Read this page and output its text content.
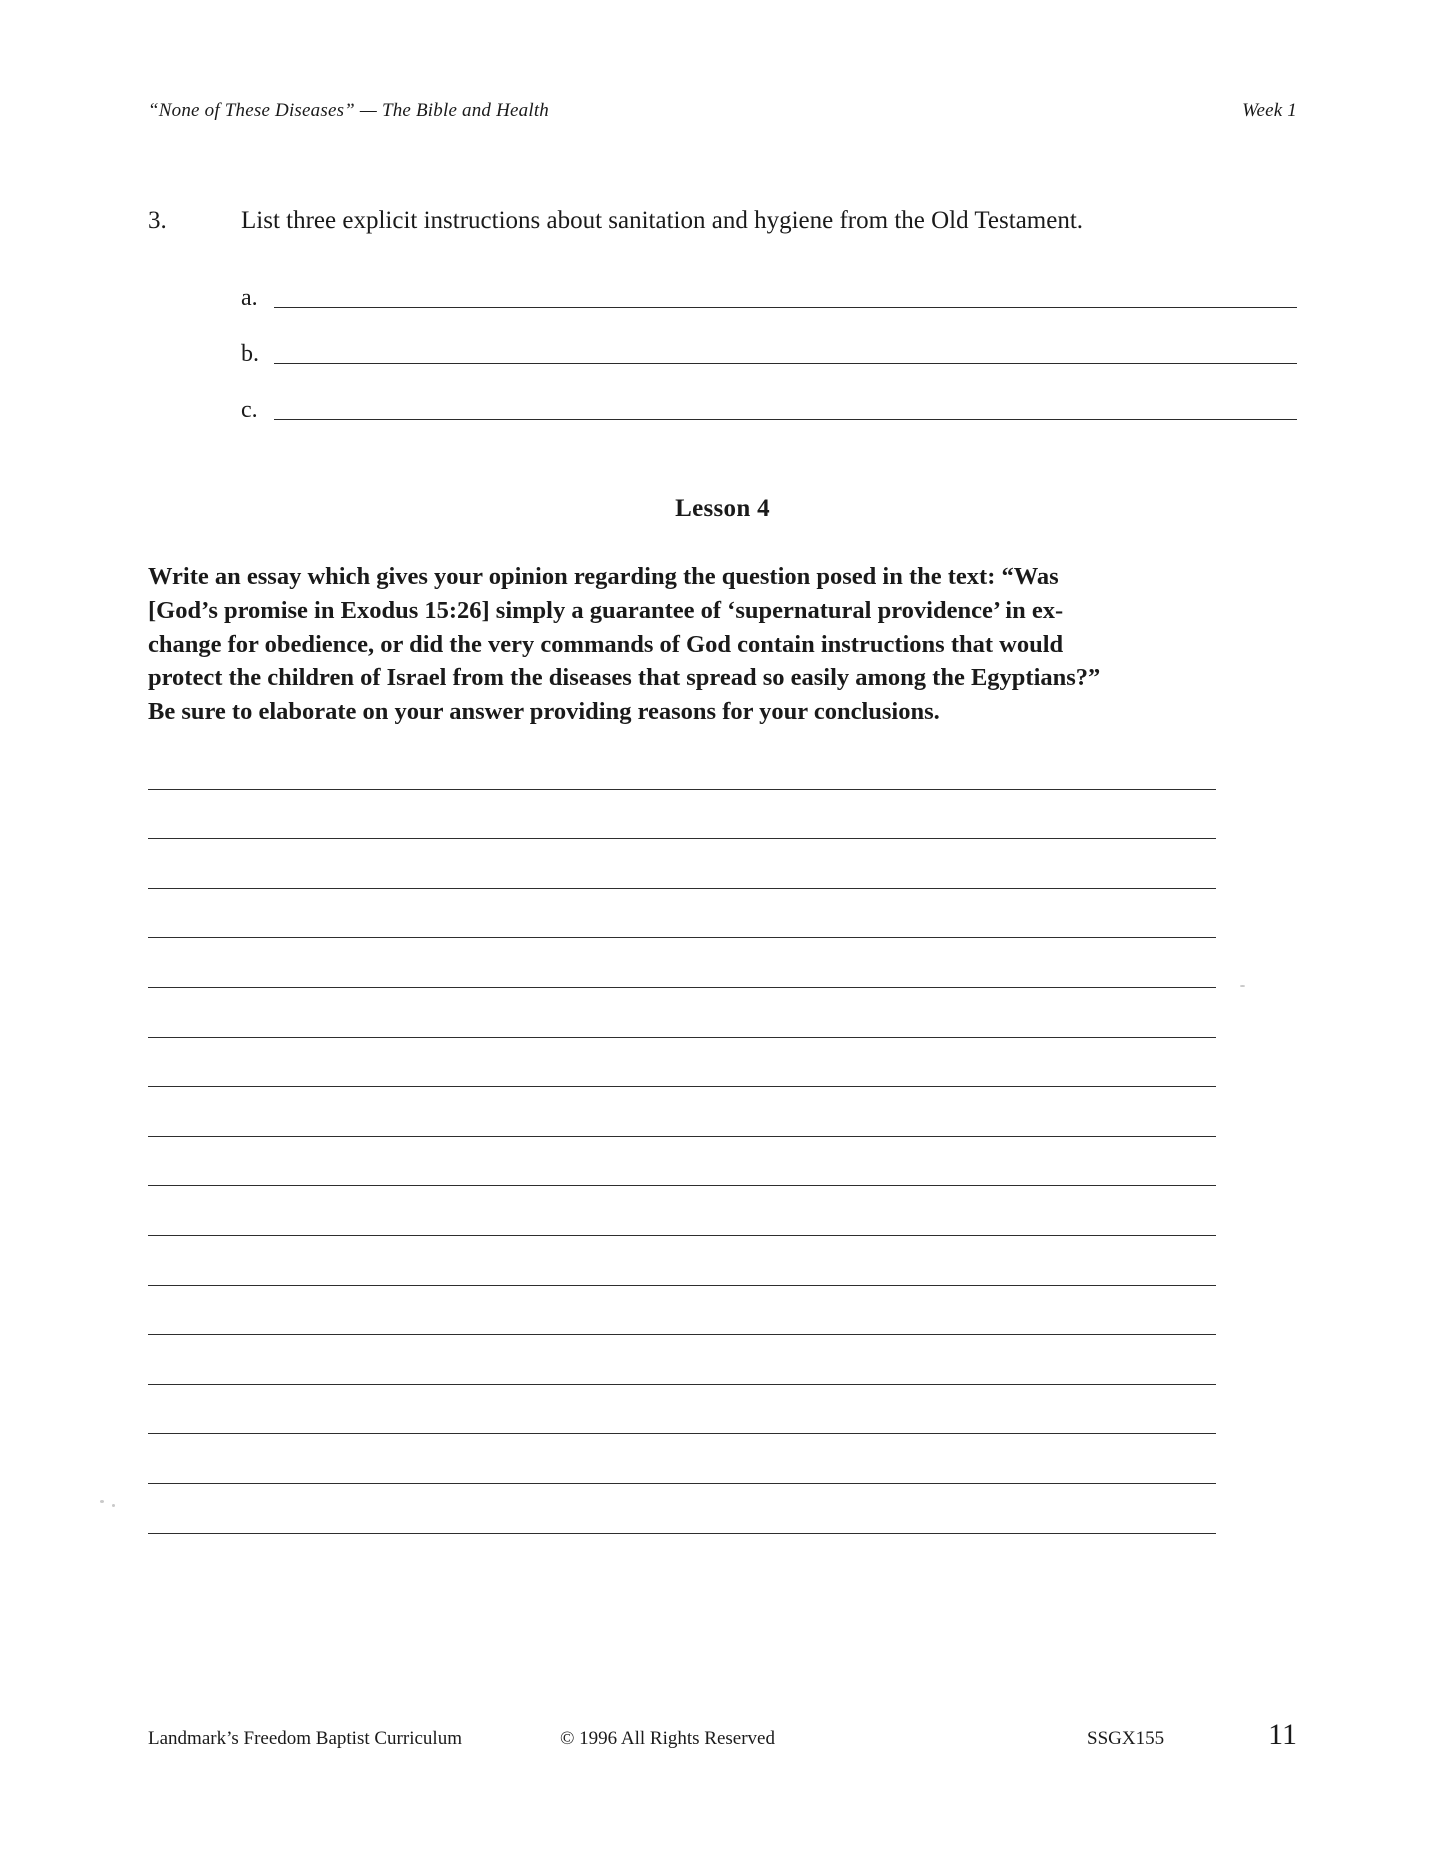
“None of These Diseases” — The Bible and Health	Week 1
3.	List three explicit instructions about sanitation and hygiene from the Old Testament.
a.
b.
c.
Lesson 4
Write an essay which gives your opinion regarding the question posed in the text: “Was
[God’s promise in Exodus 15:26] simply a guarantee of ‘supernatural providence’ in ex-
change for obedience, or did the very commands of God contain instructions that would
protect the children of Israel from the diseases that spread so easily among the Egyptians?”
Be sure to elaborate on your answer providing reasons for your conclusions.
Landmark’s Freedom Baptist Curriculum	© 1996 All Rights Reserved	SSGX155	11
